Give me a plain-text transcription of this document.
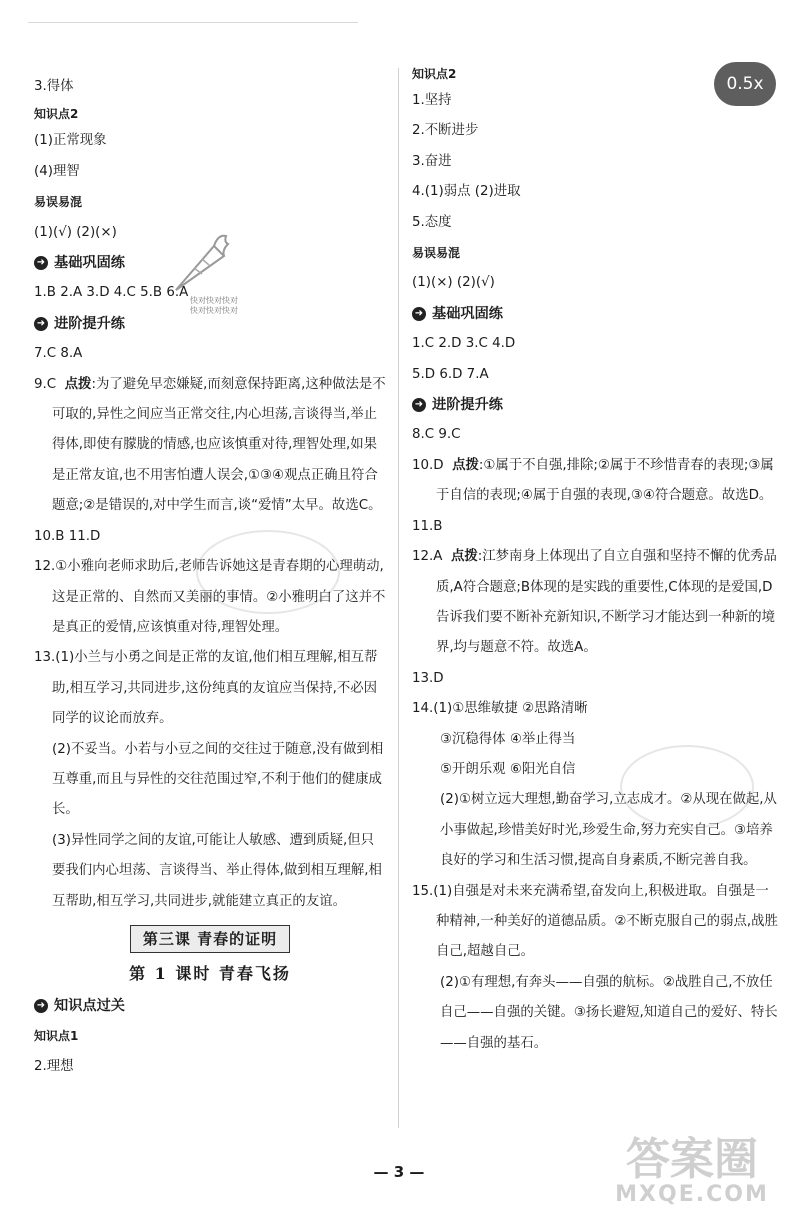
快对快对快对
快对快对快对
0.5x
3.得体
知识点2
(1)正常现象
(4)理智
易误易混
(1)(√) (2)(×)
➜ 基础巩固练
1.B 2.A 3.D 4.C 5.B 6.A
➜ 进阶提升练
7.C 8.A
9.C 点拨:为了避免早恋嫌疑,而刻意保持距离,这种做法是不可取的,异性之间应当正常交往,内心坦荡,言谈得当,举止得体,即使有朦胧的情感,也应该慎重对待,理智处理,如果是正常友谊,也不用害怕遭人误会,①③④观点正确且符合题意;②是错误的,对中学生而言,谈“爱情”太早。故选C。
10.B 11.D
12.①小雅向老师求助后,老师告诉她这是青春期的心理萌动,这是正常的、自然而又美丽的事情。②小雅明白了这并不是真正的爱情,应该慎重对待,理智处理。
13.(1)小兰与小勇之间是正常的友谊,他们相互理解,相互帮助,相互学习,共同进步,这份纯真的友谊应当保持,不必因同学的议论而放弃。
(2)不妥当。小若与小豆之间的交往过于随意,没有做到相互尊重,而且与异性的交往范围过窄,不利于他们的健康成长。
(3)异性同学之间的友谊,可能让人敏感、遭到质疑,但只要我们内心坦荡、言谈得当、举止得体,做到相互理解,相互帮助,相互学习,共同进步,就能建立真正的友谊。
第三课 青春的证明
第 1 课时 青春飞扬
➜ 知识点过关
知识点1
2.理想
知识点2
1.坚持
2.不断进步
3.奋进
4.(1)弱点 (2)进取
5.态度
易误易混
(1)(×) (2)(√)
➜ 基础巩固练
1.C 2.D 3.C 4.D
5.D 6.D 7.A
➜ 进阶提升练
8.C 9.C
10.D 点拨:①属于不自强,排除;②属于不珍惜青春的表现;③属于自信的表现;④属于自强的表现,③④符合题意。故选D。
11.B
12.A 点拨:江梦南身上体现出了自立自强和坚持不懈的优秀品质,A符合题意;B体现的是实践的重要性,C体现的是爱国,D告诉我们要不断补充新知识,不断学习才能达到一种新的境界,均与题意不符。故选A。
13.D
14.(1)①思维敏捷 ②思路清晰
③沉稳得体 ④举止得当
⑤开朗乐观 ⑥阳光自信
(2)①树立远大理想,勤奋学习,立志成才。②从现在做起,从小事做起,珍惜美好时光,珍爱生命,努力充实自己。③培养良好的学习和生活习惯,提高自身素质,不断完善自我。
15.(1)自强是对未来充满希望,奋发向上,积极进取。自强是一种精神,一种美好的道德品质。②不断克服自己的弱点,战胜自己,超越自己。
(2)①有理想,有奔头——自强的航标。②战胜自己,不放任自己——自强的关键。③扬长避短,知道自己的爱好、特长——自强的基石。
— 3 —	答案圈
MXQE.COM
